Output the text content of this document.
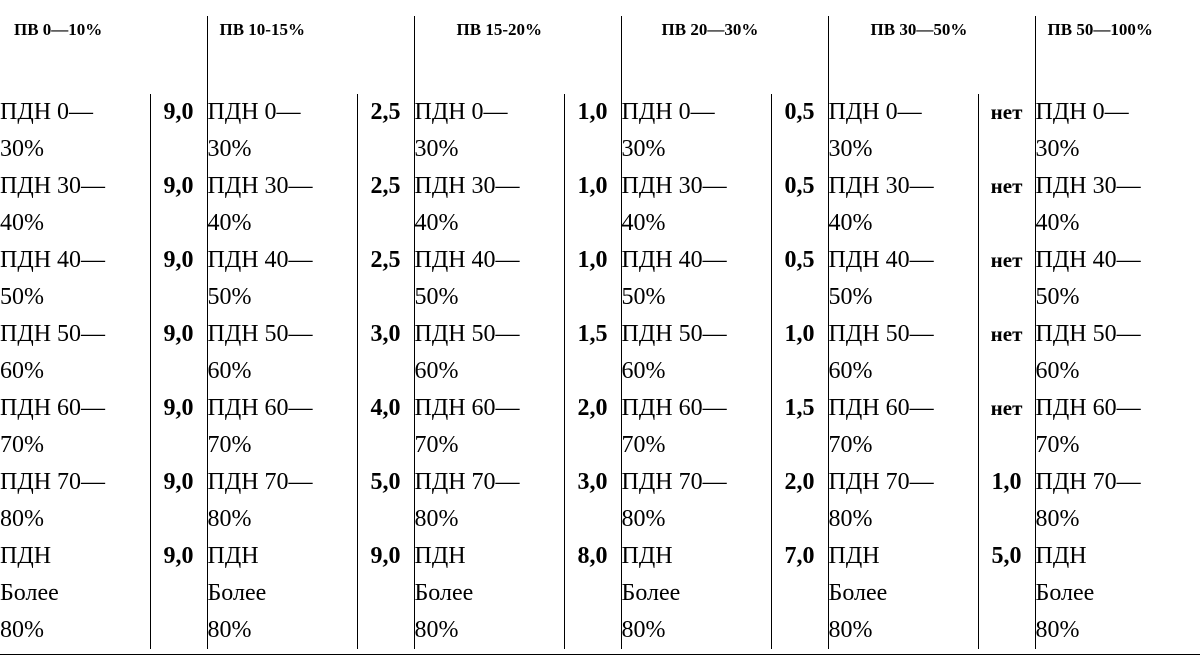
ПВ 0—10%		ПВ 10-15%		ПВ 15-20%		ПВ 20—30%		ПВ 30—50%		ПВ 50—100%

ПДН 0—
30%	9,0	ПДН 0—
30%	2,5	ПДН 0—
30%	1,0	ПДН 0—
30%	0,5	ПДН 0—
30%	нет	ПДН 0—
30%

ПДН 30—
40%	9,0	ПДН 30—
40%	2,5	ПДН 30—
40%	1,0	ПДН 30—
40%	0,5	ПДН 30—
40%	нет	ПДН 30—
40%

ПДН 40—
50%	9,0	ПДН 40—
50%	2,5	ПДН 40—
50%	1,0	ПДН 40—
50%	0,5	ПДН 40—
50%	нет	ПДН 40—
50%

ПДН 50—
60%	9,0	ПДН 50—
60%	3,0	ПДН 50—
60%	1,5	ПДН 50—
60%	1,0	ПДН 50—
60%	нет	ПДН 50—
60%

ПДН 60—
70%	9,0	ПДН 60—
70%	4,0	ПДН 60—
70%	2,0	ПДН 60—
70%	1,5	ПДН 60—
70%	нет	ПДН 60—
70%

ПДН 70—
80%	9,0	ПДН 70—
80%	5,0	ПДН 70—
80%	3,0	ПДН 70—
80%	2,0	ПДН 70—
80%	1,0	ПДН 70—
80%

ПДН
Более
80%	9,0	ПДН
Более
80%	9,0	ПДН
Более
80%	8,0	ПДН
Более
80%	7,0	ПДН
Более
80%	5,0	ПДН
Более
80%
